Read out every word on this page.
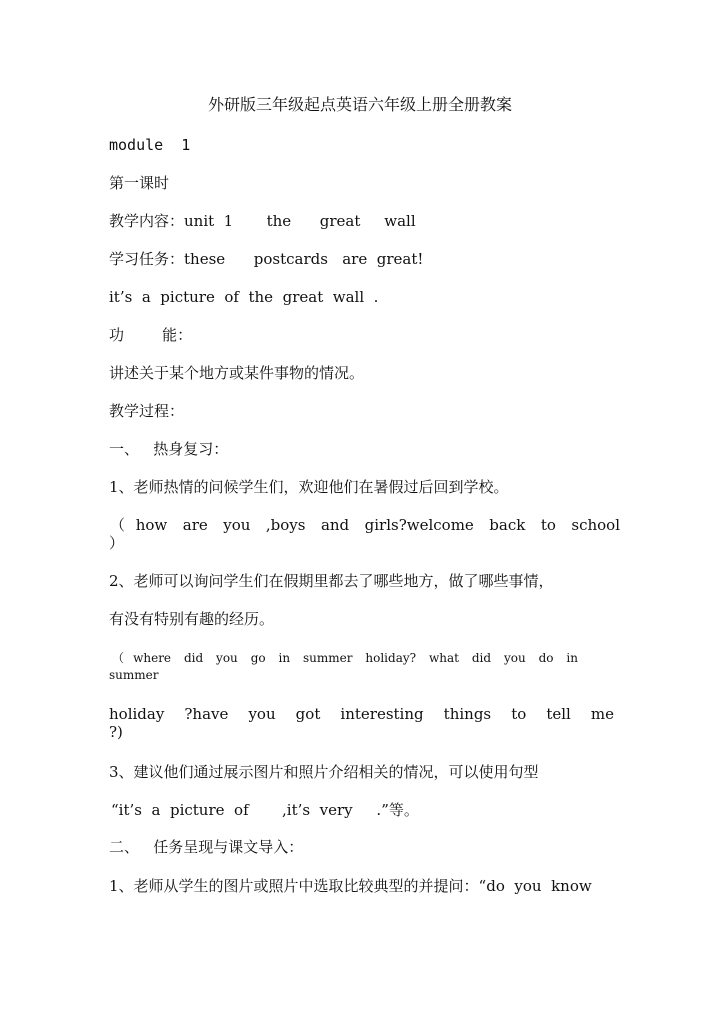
外研版三年级起点英语六年级上册全册教案
module  1
第一课时
教学内容：unit  1       the      great     wall
学习任务：these      postcards   are  great!
it’s  a  picture  of  the  great  wall  .
功        能：
讲述关于某个地方或某件事物的情况。
教学过程：
一、   热身复习：
1、老师热情的问候学生们，欢迎他们在暑假过后回到学校。
（how are you ,boys and girls?welcome back to school
）
2、老师可以询问学生们在假期里都去了哪些地方，做了哪些事情，
有没有特别有趣的经历。
（where did you go in summer holiday? what did you do in
summer
holiday ?have you got interesting things to tell me
?)
3、建议他们通过展示图片和照片介绍相关的情况，可以使用句型
“it’s  a  picture  of       ,it’s  very     .”等。
二、   任务呈现与课文导入：
1、老师从学生的图片或照片中选取比较典型的并提问：“do  you  know
